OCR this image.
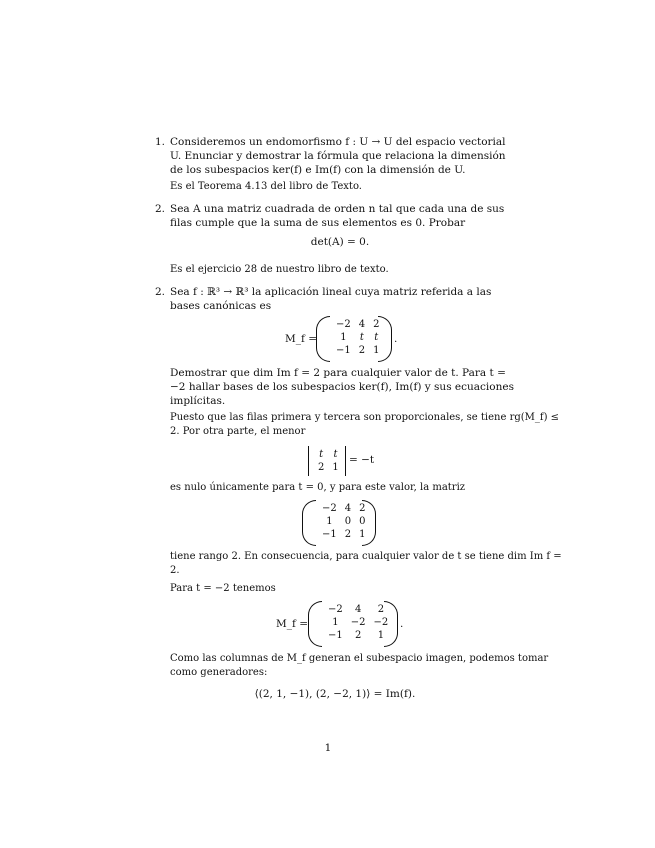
1. Consideremos un endomorfismo f : U → U del espacio vectorial
U. Enunciar y demostrar la fórmula que relaciona la dimensión
de los subespacios ker(f) e Im(f) con la dimensión de U.
Es el Teorema 4.13 del libro de Texto.
2. Sea A una matriz cuadrada de orden n tal que cada una de sus
filas cumple que la suma de sus elementos es 0. Probar
det(A) = 0.
Es el ejercicio 28 de nuestro libro de texto.
2. Sea f : ℝ³ → ℝ³ la aplicación lineal cuya matriz referida a las
bases canónicas es
M_f =
−2	4	2
1	t	t
−1	2	1
.
Demostrar que dim Im f = 2 para cualquier valor de t. Para t =
−2 hallar bases de los subespacios ker(f), Im(f) y sus ecuaciones
implícitas.
Puesto que las filas primera y tercera son proporcionales, se tiene rg(M_f) ≤
2. Por otra parte, el menor
t	t
2	1
= −t
es nulo únicamente para t = 0, y para este valor, la matriz
−2	4	2
1	0	0
−1	2	1
tiene rango 2. En consecuencia, para cualquier valor de t se tiene dim Im f =
2.
Para t = −2 tenemos
M_f =
−2	4	2
1	−2	−2
−1	2	1
.
Como las columnas de M_f generan el subespacio imagen, podemos tomar
como generadores:
⟨(2, 1, −1), (2, −2, 1)⟩ = Im(f).
1
